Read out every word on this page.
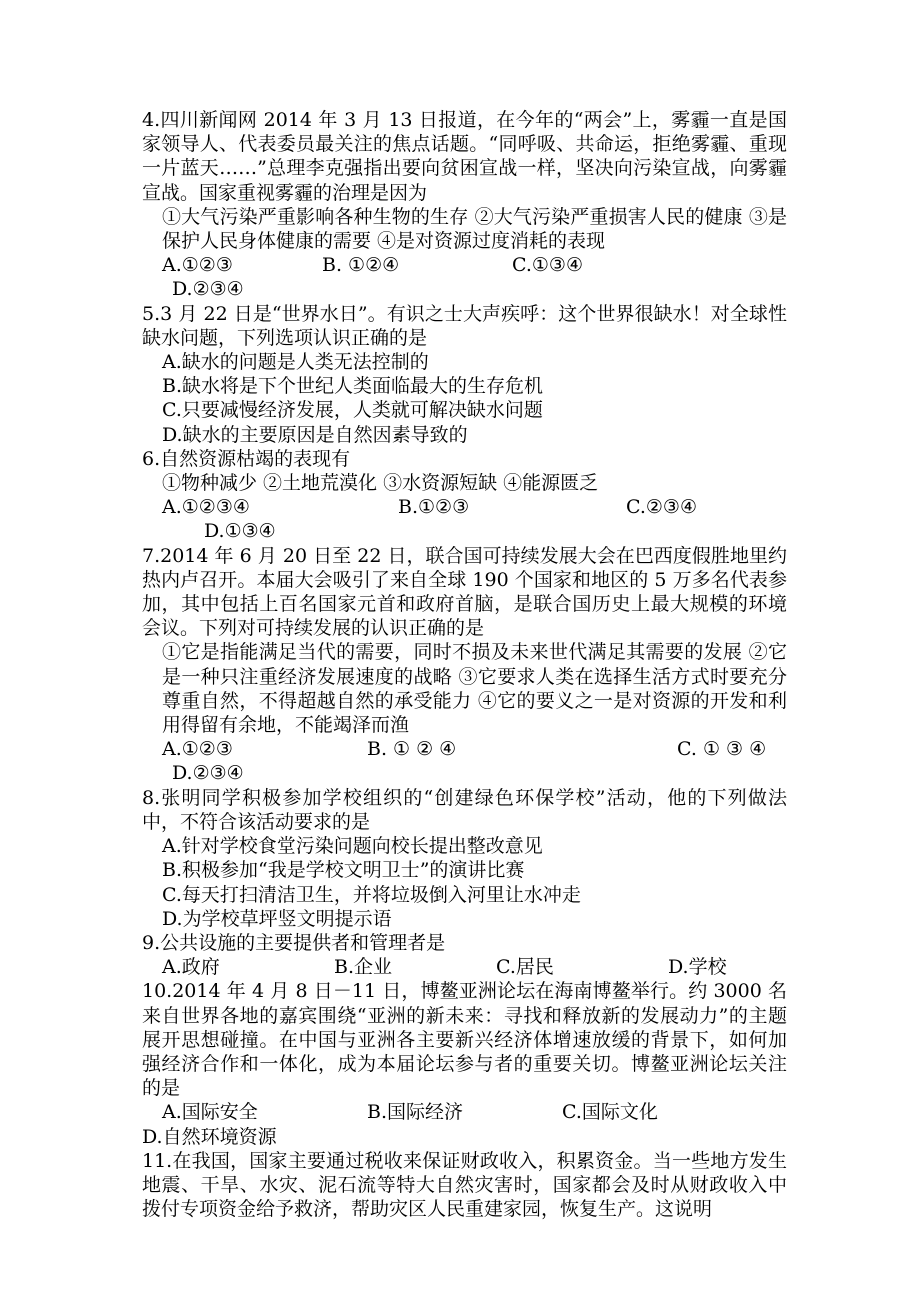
4.四川新闻网 2014 年 3 月 13 日报道，在今年的“两会”上，雾霾一直是国家领导人、代表委员最关注的焦点话题。“同呼吸、共命运，拒绝雾霾、重现一片蓝天……”总理李克强指出要向贫困宣战一样，坚决向污染宣战，向雾霾宣战。国家重视雾霾的治理是因为

①大气污染严重影响各种生物的生存 ②大气污染严重损害人民的健康 ③是保护人民身体健康的需要 ④是对资源过度消耗的表现

A.①②③	B. ①②④	C.①③④

D.②③④

5.3 月 22 日是“世界水日”。有识之士大声疾呼：这个世界很缺水！对全球性缺水问题，下列选项认识正确的是

A.缺水的问题是人类无法控制的

B.缺水将是下个世纪人类面临最大的生存危机

C.只要减慢经济发展，人类就可解决缺水问题

D.缺水的主要原因是自然因素导致的

6.自然资源枯竭的表现有

①物种减少 ②土地荒漠化 ③水资源短缺 ④能源匮乏

A.①②③④	B.①②③	C.②③④

D.①③④

7.2014 年 6 月 20 日至 22 日，联合国可持续发展大会在巴西度假胜地里约热内卢召开。本届大会吸引了来自全球 190 个国家和地区的 5 万多名代表参加，其中包括上百名国家元首和政府首脑，是联合国历史上最大规模的环境会议。下列对可持续发展的认识正确的是

①它是指能满足当代的需要，同时不损及未来世代满足其需要的发展 ②它是一种只注重经济发展速度的战略 ③它要求人类在选择生活方式时要充分尊重自然，不得超越自然的承受能力 ④它的要义之一是对资源的开发和利用得留有余地，不能竭泽而渔

A.①②③	B. ① ② ④	C. ① ③ ④

D.②③④

8.张明同学积极参加学校组织的“创建绿色环保学校”活动，他的下列做法中，不符合该活动要求的是

A.针对学校食堂污染问题向校长提出整改意见

B.积极参加“我是学校文明卫士”的演讲比赛

C.每天打扫清洁卫生，并将垃圾倒入河里让水冲走

D.为学校草坪竖文明提示语

9.公共设施的主要提供者和管理者是

A.政府	B.企业	C.居民	D.学校

10.2014 年 4 月 8 日－11 日，博鳌亚洲论坛在海南博鳌举行。约 3000 名来自世界各地的嘉宾围绕“亚洲的新未来：寻找和释放新的发展动力”的主题展开思想碰撞。在中国与亚洲各主要新兴经济体增速放缓的背景下，如何加强经济合作和一体化，成为本届论坛参与者的重要关切。博鳌亚洲论坛关注的是

A.国际安全	B.国际经济	C.国际文化

D.自然环境资源

11.在我国，国家主要通过税收来保证财政收入，积累资金。当一些地方发生地震、干旱、水灾、泥石流等特大自然灾害时，国家都会及时从财政收入中拨付专项资金给予救济，帮助灾区人民重建家园，恢复生产。这说明
